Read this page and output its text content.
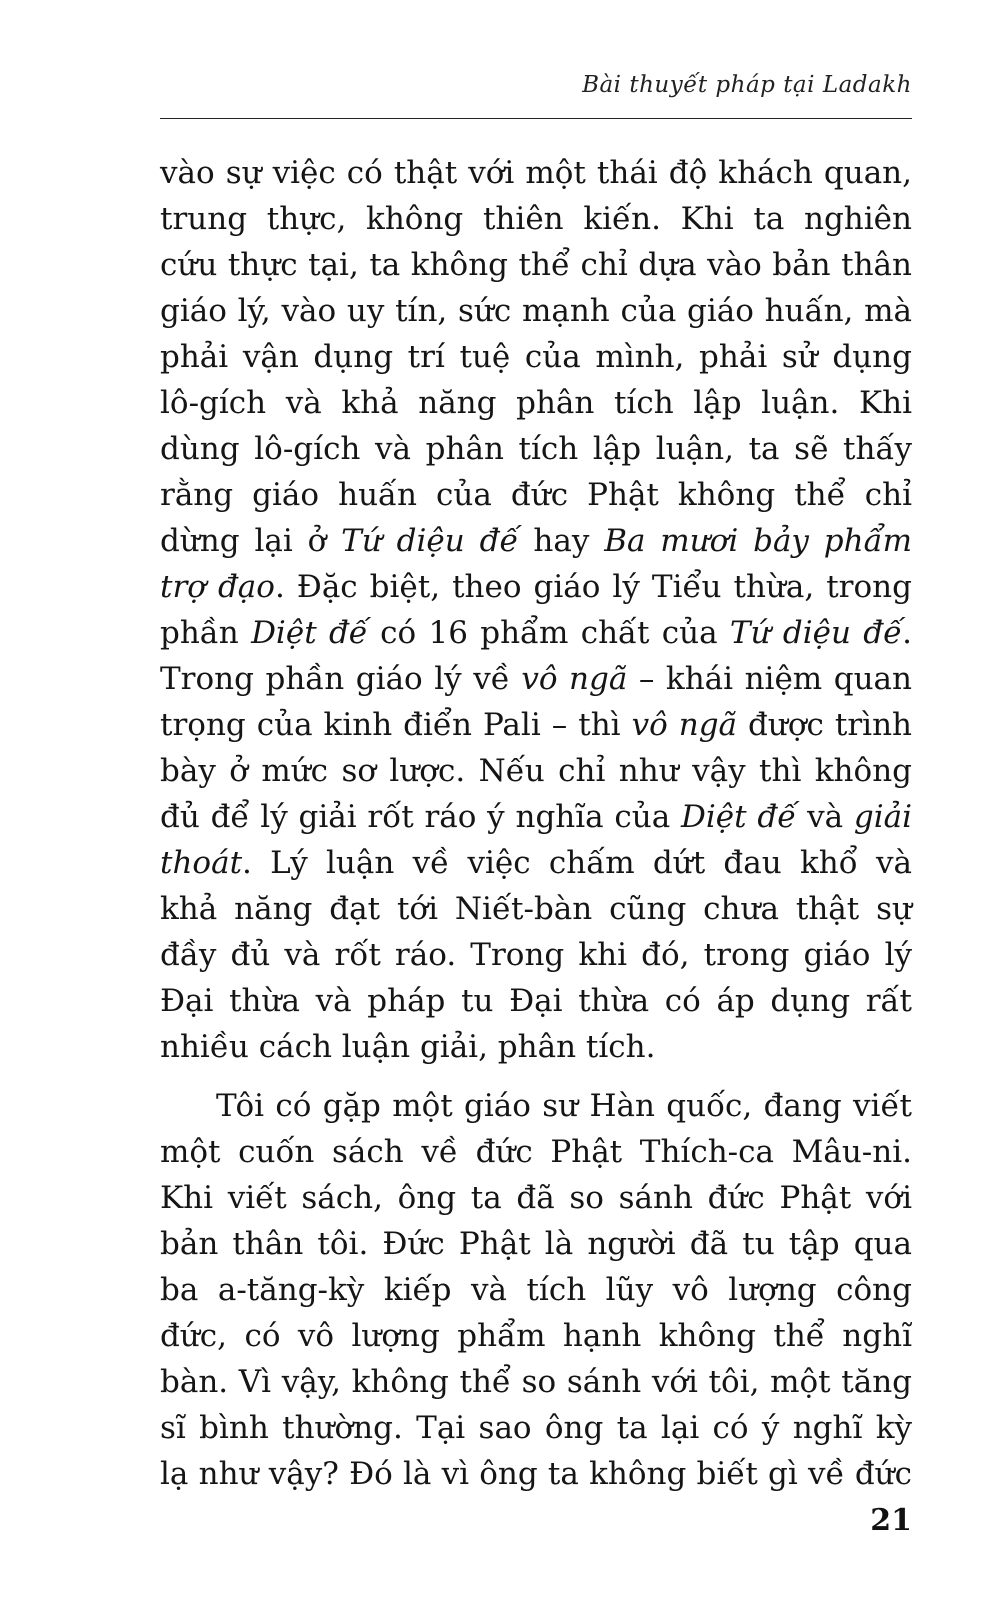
Bài thuyết pháp tại Ladakh
vào sự việc có thật với một thái độ khách quan,
trung thực, không thiên kiến. Khi ta nghiên
cứu thực tại, ta không thể chỉ dựa vào bản thân
giáo lý, vào uy tín, sức mạnh của giáo huấn, mà
phải vận dụng trí tuệ của mình, phải sử dụng
lô-gích và khả năng phân tích lập luận. Khi
dùng lô-gích và phân tích lập luận, ta sẽ thấy
rằng giáo huấn của đức Phật không thể chỉ
dừng lại ở Tứ diệu đế hay Ba mươi bảy phẩm
trợ đạo. Đặc biệt, theo giáo lý Tiểu thừa, trong
phần Diệt đế có 16 phẩm chất của Tứ diệu đế.
Trong phần giáo lý về vô ngã – khái niệm quan
trọng của kinh điển Pali – thì vô ngã được trình
bày ở mức sơ lược. Nếu chỉ như vậy thì không
đủ để lý giải rốt ráo ý nghĩa của Diệt đế và giải
thoát. Lý luận về việc chấm dứt đau khổ và
khả năng đạt tới Niết-bàn cũng chưa thật sự
đầy đủ và rốt ráo. Trong khi đó, trong giáo lý
Đại thừa và pháp tu Đại thừa có áp dụng rất
nhiều cách luận giải, phân tích.
Tôi có gặp một giáo sư Hàn quốc, đang viết
một cuốn sách về đức Phật Thích-ca Mâu-ni.
Khi viết sách, ông ta đã so sánh đức Phật với
bản thân tôi. Đức Phật là người đã tu tập qua
ba a-tăng-kỳ kiếp và tích lũy vô lượng công
đức, có vô lượng phẩm hạnh không thể nghĩ
bàn. Vì vậy, không thể so sánh với tôi, một tăng
sĩ bình thường. Tại sao ông ta lại có ý nghĩ kỳ
lạ như vậy? Đó là vì ông ta không biết gì về đức
21
